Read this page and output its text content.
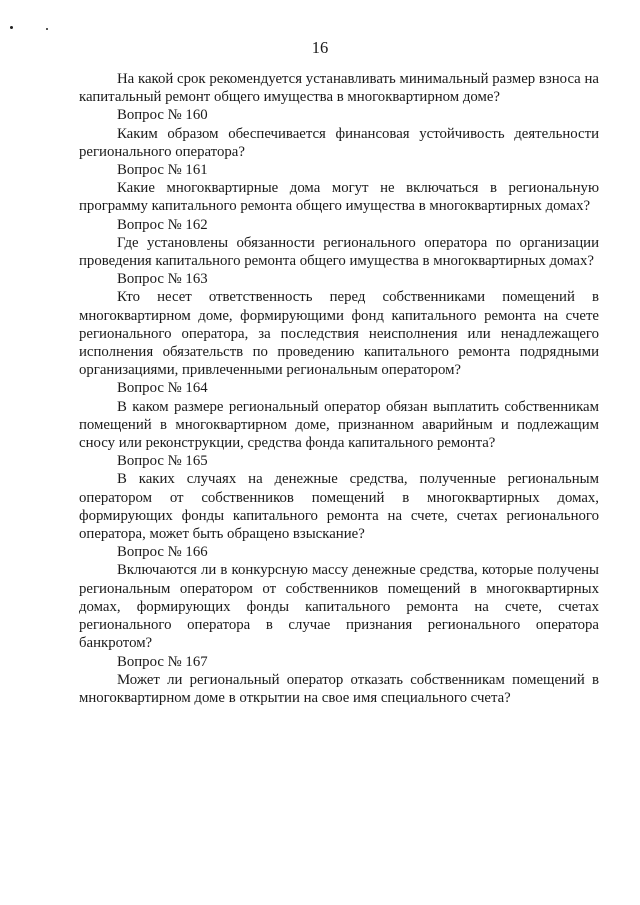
16

На какой срок рекомендуется устанавливать минимальный размер взноса на капитальный ремонт общего имущества в многоквартирном доме?

Вопрос № 160

Каким образом обеспечивается финансовая устойчивость деятельности регионального оператора?

Вопрос № 161

Какие многоквартирные дома могут не включаться в региональную программу капитального ремонта общего имущества в многоквартирных домах?

Вопрос № 162

Где установлены обязанности регионального оператора по организации проведения капитального ремонта общего имущества в многоквартирных домах?

Вопрос № 163

Кто несет ответственность перед собственниками помещений в многоквартирном доме, формирующими фонд капитального ремонта на счете регионального оператора, за последствия неисполнения или ненадлежащего исполнения обязательств по проведению капитального ремонта подрядными организациями, привлеченными региональным оператором?

Вопрос № 164

В каком размере региональный оператор обязан выплатить собственникам помещений в многоквартирном доме, признанном аварийным и подлежащим сносу или реконструкции, средства фонда капитального ремонта?

Вопрос № 165

В каких случаях на денежные средства, полученные региональным оператором от собственников помещений в многоквартирных домах, формирующих фонды капитального ремонта на счете, счетах регионального оператора, может быть обращено взыскание?

Вопрос № 166

Включаются ли в конкурсную массу денежные средства, которые получены региональным оператором от собственников помещений в многоквартирных домах, формирующих фонды капитального ремонта на счете, счетах регионального оператора в случае признания регионального оператора банкротом?

Вопрос № 167

Может ли региональный оператор отказать собственникам помещений в многоквартирном доме в открытии на свое имя специального счета?
